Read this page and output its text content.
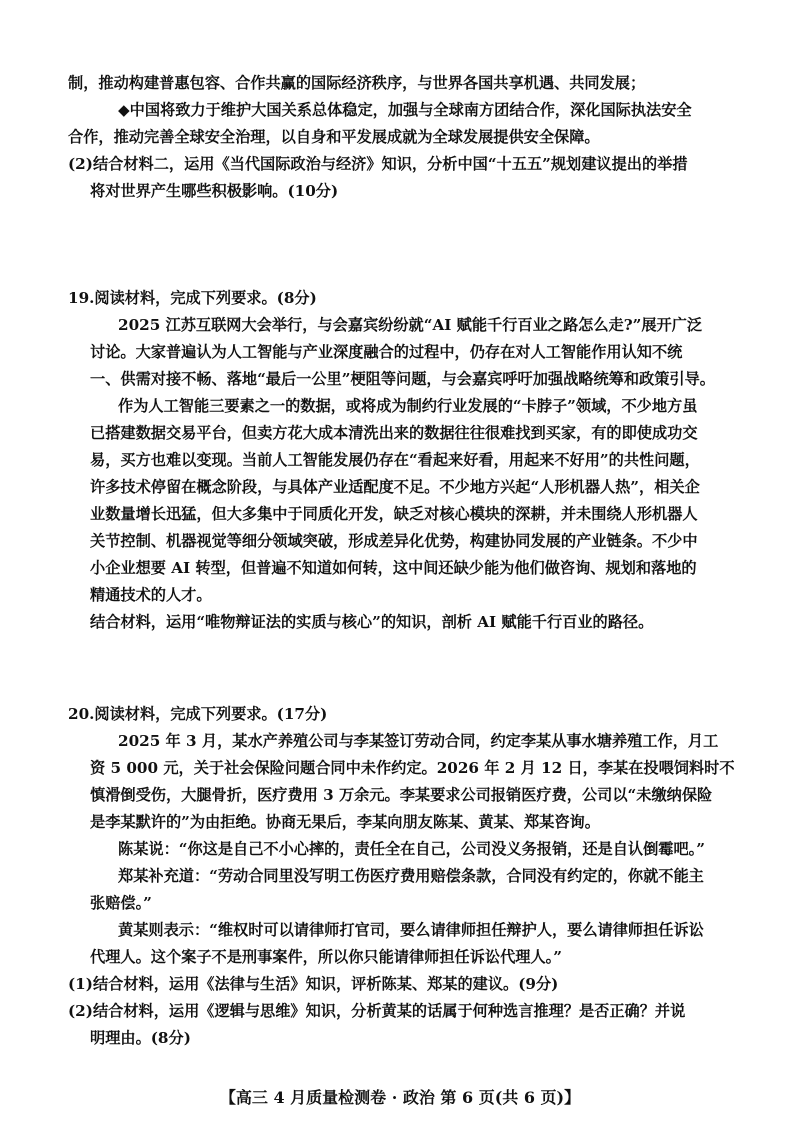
制，推动构建普惠包容、合作共赢的国际经济秩序，与世界各国共享机遇、共同发展；
◆中国将致力于维护大国关系总体稳定，加强与全球南方团结合作，深化国际执法安全
合作，推动完善全球安全治理，以自身和平发展成就为全球发展提供安全保障。
(2)结合材料二，运用《当代国际政治与经济》知识，分析中国“十五五”规划建议提出的举措
将对世界产生哪些积极影响。(10分)
19.阅读材料，完成下列要求。(8分)
2025 江苏互联网大会举行，与会嘉宾纷纷就“AI 赋能千行百业之路怎么走?”展开广泛
讨论。大家普遍认为人工智能与产业深度融合的过程中，仍存在对人工智能作用认知不统
一、供需对接不畅、落地“最后一公里”梗阻等问题，与会嘉宾呼吁加强战略统筹和政策引导。
作为人工智能三要素之一的数据，或将成为制约行业发展的“卡脖子”领域，不少地方虽
已搭建数据交易平台，但卖方花大成本清洗出来的数据往往很难找到买家，有的即使成功交
易，买方也难以变现。当前人工智能发展仍存在“看起来好看，用起来不好用”的共性问题，
许多技术停留在概念阶段，与具体产业适配度不足。不少地方兴起“人形机器人热”，相关企
业数量增长迅猛，但大多集中于同质化开发，缺乏对核心模块的深耕，并未围绕人形机器人
关节控制、机器视觉等细分领域突破，形成差异化优势，构建协同发展的产业链条。不少中
小企业想要 AI 转型，但普遍不知道如何转，这中间还缺少能为他们做咨询、规划和落地的
精通技术的人才。
结合材料，运用“唯物辩证法的实质与核心”的知识，剖析 AI 赋能千行百业的路径。
20.阅读材料，完成下列要求。(17分)
2025 年 3 月，某水产养殖公司与李某签订劳动合同，约定李某从事水塘养殖工作，月工
资 5 000 元，关于社会保险问题合同中未作约定。2026 年 2 月 12 日，李某在投喂饲料时不
慎滑倒受伤，大腿骨折，医疗费用 3 万余元。李某要求公司报销医疗费，公司以“未缴纳保险
是李某默许的”为由拒绝。协商无果后，李某向朋友陈某、黄某、郑某咨询。
陈某说：“你这是自己不小心摔的，责任全在自己，公司没义务报销，还是自认倒霉吧。”
郑某补充道：“劳动合同里没写明工伤医疗费用赔偿条款，合同没有约定的，你就不能主
张赔偿。”
黄某则表示：“维权时可以请律师打官司，要么请律师担任辩护人，要么请律师担任诉讼
代理人。这个案子不是刑事案件，所以你只能请律师担任诉讼代理人。”
(1)结合材料，运用《法律与生活》知识，评析陈某、郑某的建议。(9分)
(2)结合材料，运用《逻辑与思维》知识，分析黄某的话属于何种选言推理？是否正确？并说
明理由。(8分)
【高三 4 月质量检测卷 · 政治 第 6 页(共 6 页)】
